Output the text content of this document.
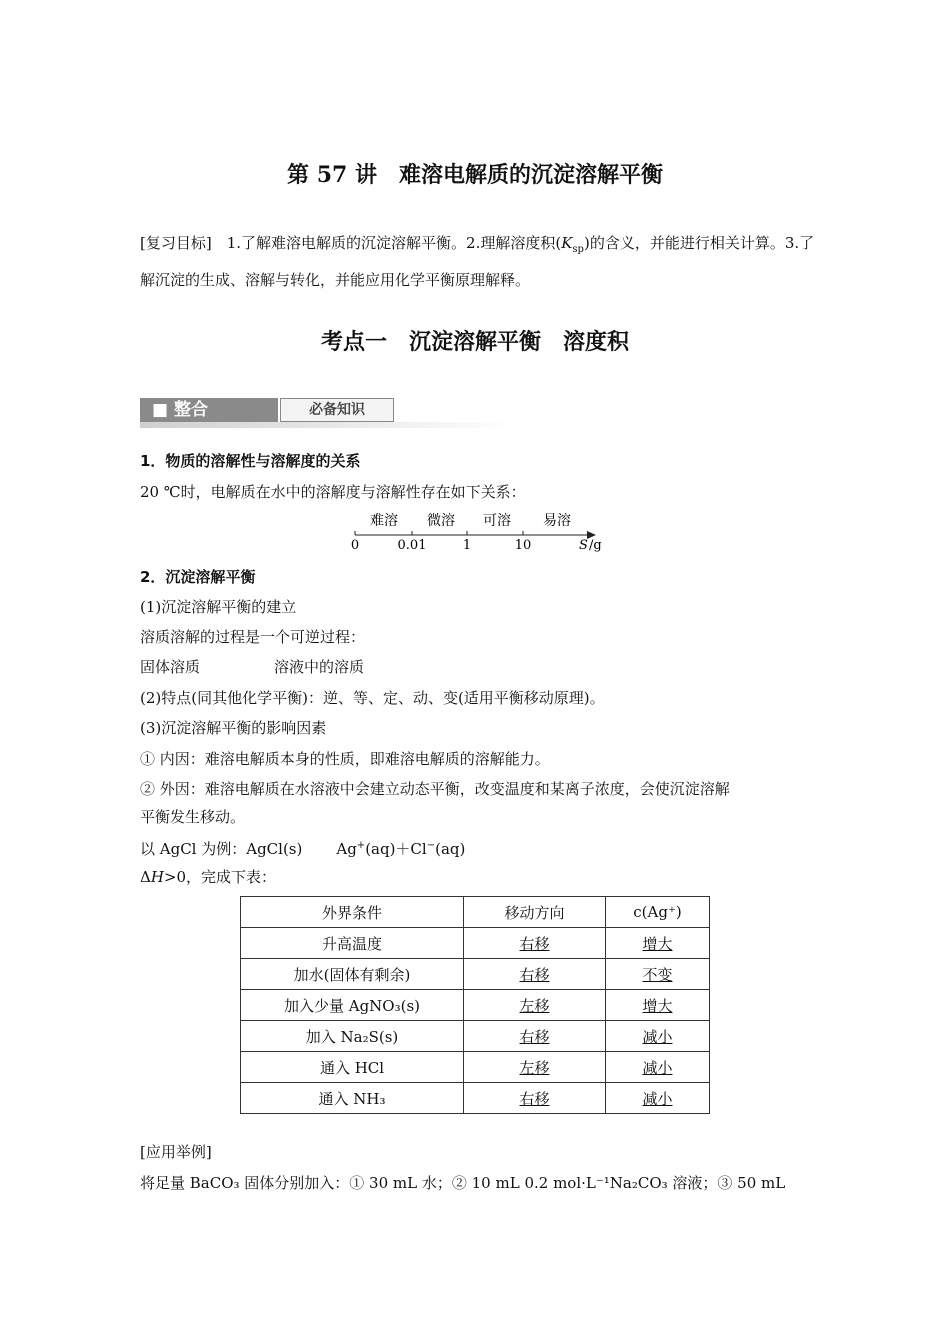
第 57 讲　难溶电解质的沉淀溶解平衡
[复习目标]　1.了解难溶电解质的沉淀溶解平衡。2.理解溶度积$(K_{sp})$的含义，并能进行相关计算。3.了解沉淀的生成、溶解与转化，并能应用化学平衡原理解释。
考点一　沉淀溶解平衡　溶度积
■ 整合	必备知识
1．物质的溶解性与溶解度的关系
20 ℃时，电解质在水中的溶解度与溶解性存在如下关系：
难溶 微溶 可溶 易溶
0	0.01	1	10	S /g
2．沉淀溶解平衡
(1)沉淀溶解平衡的建立
溶质溶解的过程是一个可逆过程：
固体溶质	溶液中的溶质
(2)特点(同其他化学平衡)：逆、等、定、动、变(适用平衡移动原理)。
(3)沉淀溶解平衡的影响因素
① 内因：难溶电解质本身的性质，即难溶电解质的溶解能力。
② 外因：难溶电解质在水溶液中会建立动态平衡，改变温度和某离子浓度，会使沉淀溶解
平衡发生移动。
以 AgCl 为例：AgCl(s) Ag+(aq)＋Cl−(aq)
ΔH>0，完成下表：
外界条件	移动方向	c(Ag⁺)
升高温度	右移	增大
加水(固体有剩余)	右移	不变
加入少量 AgNO₃(s)	左移	增大
加入 Na₂S(s)	右移	减小
通入 HCl	左移	减小
通入 NH₃	右移	减小
[应用举例]
将足量 BaCO₃ 固体分别加入：① 30 mL 水；② 10 mL 0.2 mol·L⁻¹Na₂CO₃ 溶液；③ 50 mL
